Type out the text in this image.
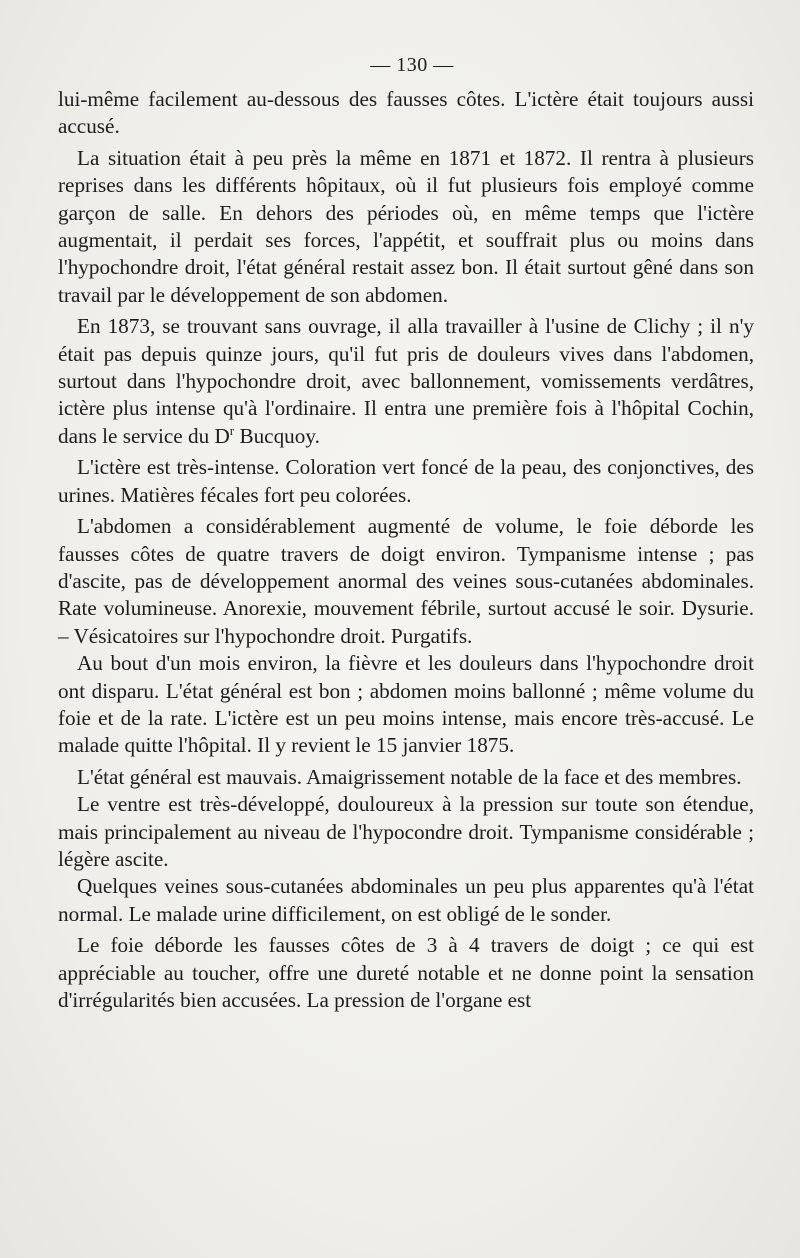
— 130 —

lui-même facilement au-dessous des fausses côtes. L'ictère était toujours aussi accusé.

La situation était à peu près la même en 1871 et 1872. Il rentra à plusieurs reprises dans les différents hôpitaux, où il fut plusieurs fois employé comme garçon de salle. En dehors des périodes où, en même temps que l'ictère augmentait, il perdait ses forces, l'appétit, et souffrait plus ou moins dans l'hypochondre droit, l'état général restait assez bon. Il était surtout gêné dans son travail par le développement de son abdomen.

En 1873, se trouvant sans ouvrage, il alla travailler à l'usine de Clichy ; il n'y était pas depuis quinze jours, qu'il fut pris de douleurs vives dans l'abdomen, surtout dans l'hypochondre droit, avec ballonnement, vomissements verdâtres, ictère plus intense qu'à l'ordinaire. Il entra une première fois à l'hôpital Cochin, dans le service du $D^r$ Bucquoy.

L'ictère est très-intense. Coloration vert foncé de la peau, des conjonctives, des urines. Matières fécales fort peu colorées.

L'abdomen a considérablement augmenté de volume, le foie déborde les fausses côtes de quatre travers de doigt environ. Tympanisme intense ; pas d'ascite, pas de développement anormal des veines sous-cutanées abdominales. Rate volumineuse. Anorexie, mouvement fébrile, surtout accusé le soir. Dysurie. – Vésicatoires sur l'hypochondre droit. Purgatifs.

Au bout d'un mois environ, la fièvre et les douleurs dans l'hypochondre droit ont disparu. L'état général est bon ; abdomen moins ballonné ; même volume du foie et de la rate. L'ictère est un peu moins intense, mais encore très-accusé. Le malade quitte l'hôpital. Il y revient le 15 janvier 1875.

L'état général est mauvais. Amaigrissement notable de la face et des membres.

Le ventre est très-développé, douloureux à la pression sur toute son étendue, mais principalement au niveau de l'hypocondre droit. Tympanisme considérable ; légère ascite.

Quelques veines sous-cutanées abdominales un peu plus apparentes qu'à l'état normal. Le malade urine difficilement, on est obligé de le sonder.

Le foie déborde les fausses côtes de 3 à 4 travers de doigt ; ce qui est appréciable au toucher, offre une dureté notable et ne donne point la sensation d'irrégularités bien accusées. La pression de l'organe est
